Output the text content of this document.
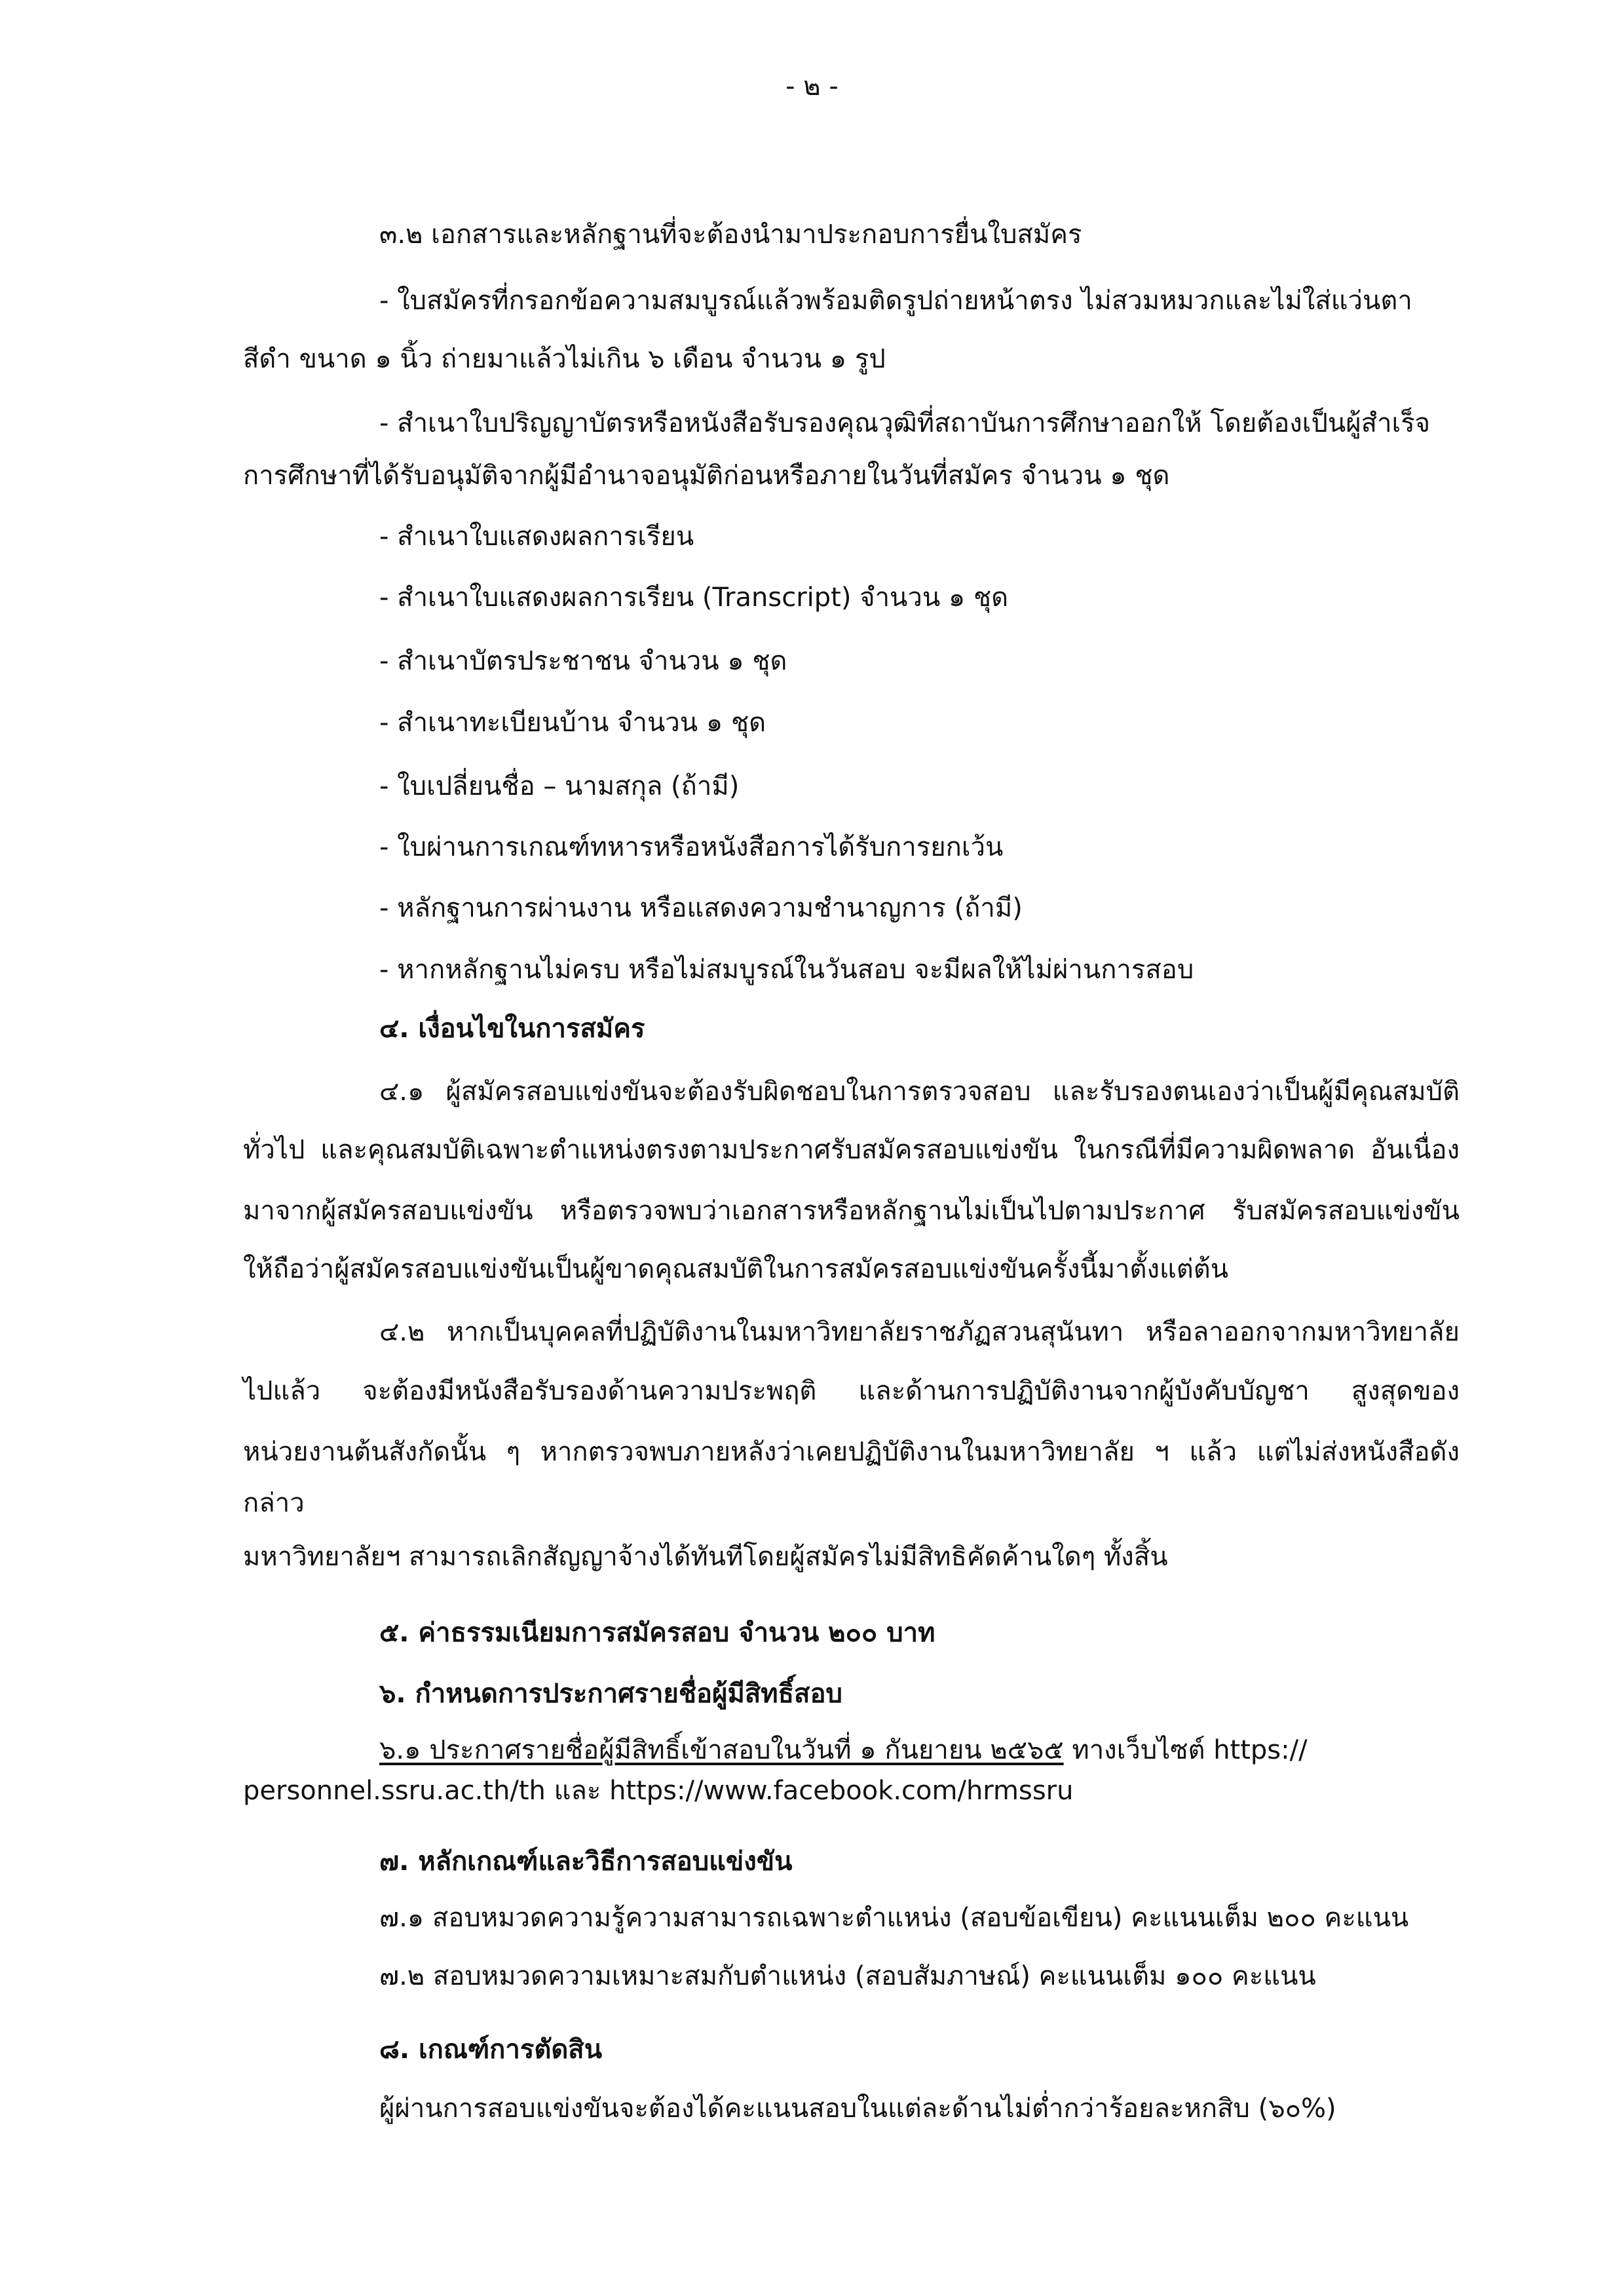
- ๒ -
๓.๒ เอกสารและหลักฐานที่จะต้องนำมาประกอบการยื่นใบสมัคร
- ใบสมัครที่กรอกข้อความสมบูรณ์แล้วพร้อมติดรูปถ่ายหน้าตรง ไม่สวมหมวกและไม่ใส่แว่นตา
สีดำ ขนาด ๑ นิ้ว ถ่ายมาแล้วไม่เกิน ๖ เดือน จำนวน ๑ รูป
- สำเนาใบปริญญาบัตรหรือหนังสือรับรองคุณวุฒิที่สถาบันการศึกษาออกให้ โดยต้องเป็นผู้สำเร็จ
การศึกษาที่ได้รับอนุมัติจากผู้มีอำนาจอนุมัติก่อนหรือภายในวันที่สมัคร จำนวน ๑ ชุด
- สำเนาใบแสดงผลการเรียน
- สำเนาใบแสดงผลการเรียน (Transcript) จำนวน ๑ ชุด
- สำเนาบัตรประชาชน จำนวน ๑ ชุด
- สำเนาทะเบียนบ้าน จำนวน ๑ ชุด
- ใบเปลี่ยนชื่อ – นามสกุล (ถ้ามี)
- ใบผ่านการเกณฑ์ทหารหรือหนังสือการได้รับการยกเว้น
- หลักฐานการผ่านงาน หรือแสดงความชำนาญการ (ถ้ามี)
- หากหลักฐานไม่ครบ หรือไม่สมบูรณ์ในวันสอบ จะมีผลให้ไม่ผ่านการสอบ
๔. เงื่อนไขในการสมัคร
๔.๑ ผู้สมัครสอบแข่งขันจะต้องรับผิดชอบในการตรวจสอบ และรับรองตนเองว่าเป็นผู้มีคุณสมบัติ
ทั่วไป และคุณสมบัติเฉพาะตำแหน่งตรงตามประกาศรับสมัครสอบแข่งขัน ในกรณีที่มีความผิดพลาด อันเนื่อง
มาจากผู้สมัครสอบแข่งขัน หรือตรวจพบว่าเอกสารหรือหลักฐานไม่เป็นไปตามประกาศ รับสมัครสอบแข่งขัน
ให้ถือว่าผู้สมัครสอบแข่งขันเป็นผู้ขาดคุณสมบัติในการสมัครสอบแข่งขันครั้งนี้มาตั้งแต่ต้น
๔.๒ หากเป็นบุคคลที่ปฏิบัติงานในมหาวิทยาลัยราชภัฏสวนสุนันทา หรือลาออกจากมหาวิทยาลัย
ไปแล้ว จะต้องมีหนังสือรับรองด้านความประพฤติ และด้านการปฏิบัติงานจากผู้บังคับบัญชา สูงสุดของ
หน่วยงานต้นสังกัดนั้น ๆ หากตรวจพบภายหลังว่าเคยปฏิบัติงานในมหาวิทยาลัย ฯ แล้ว แต่ไม่ส่งหนังสือดัง
กล่าว
มหาวิทยาลัยฯ สามารถเลิกสัญญาจ้างได้ทันทีโดยผู้สมัครไม่มีสิทธิคัดค้านใดๆ ทั้งสิ้น
๕. ค่าธรรมเนียมการสมัครสอบ จำนวน ๒๐๐ บาท
๖. กำหนดการประกาศรายชื่อผู้มีสิทธิ์สอบ
๖.๑ ประกาศรายชื่อผู้มีสิทธิ์เข้าสอบในวันที่ ๑ กันยายน ๒๕๖๕ ทางเว็บไซต์ https://
personnel.ssru.ac.th/th และ https://www.facebook.com/hrmssru
๗. หลักเกณฑ์และวิธีการสอบแข่งขัน
๗.๑ สอบหมวดความรู้ความสามารถเฉพาะตำแหน่ง (สอบข้อเขียน) คะแนนเต็ม ๒๐๐ คะแนน
๗.๒ สอบหมวดความเหมาะสมกับตำแหน่ง (สอบสัมภาษณ์) คะแนนเต็ม ๑๐๐ คะแนน
๘. เกณฑ์การตัดสิน
ผู้ผ่านการสอบแข่งขันจะต้องได้คะแนนสอบในแต่ละด้านไม่ต่ำกว่าร้อยละหกสิบ (๖๐%)
